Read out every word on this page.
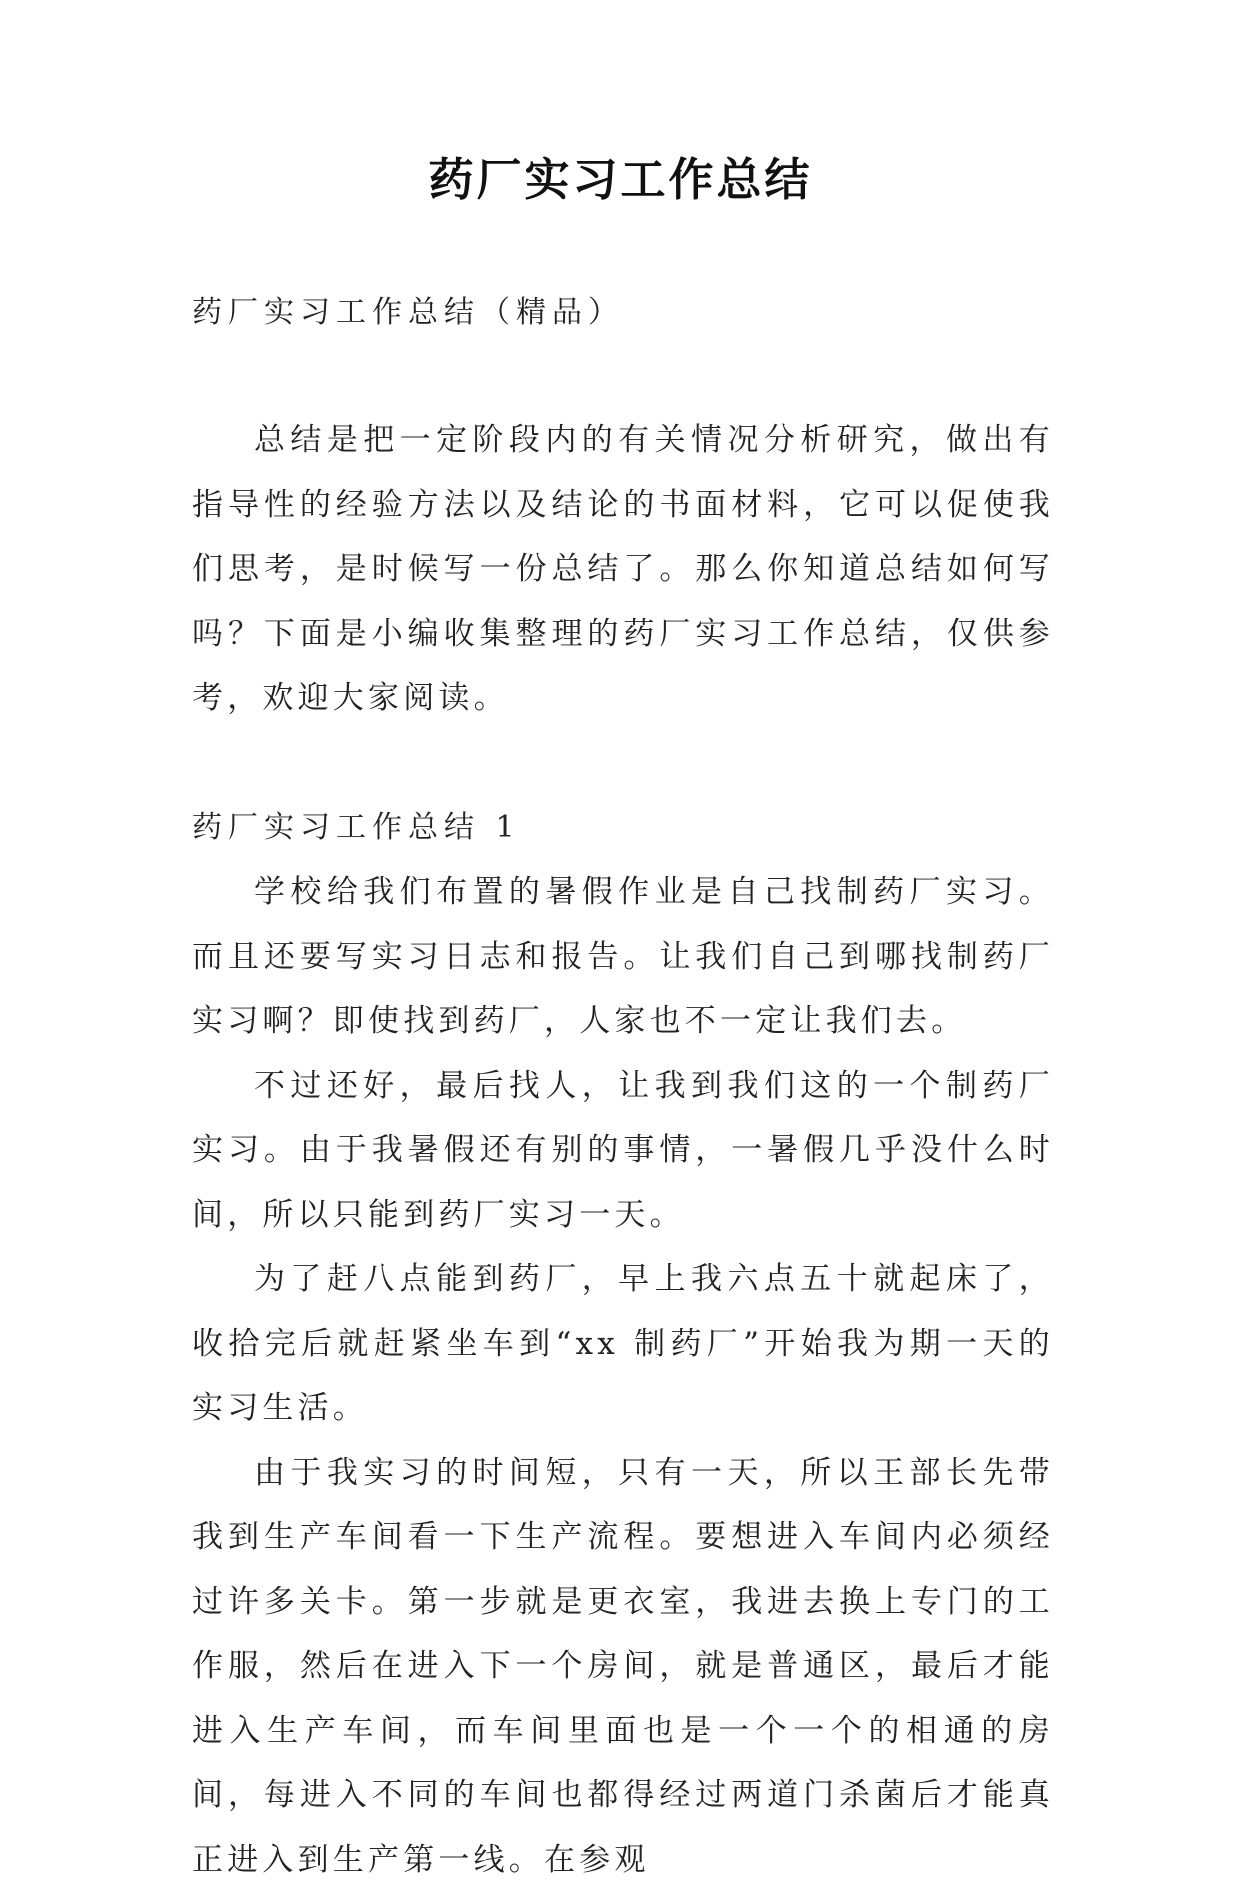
药厂实习工作总结
药厂实习工作总结（精品）

总结是把一定阶段内的有关情况分析研究，做出有指导性的经验方法以及结论的书面材料，它可以促使我们思考，是时候写一份总结了。那么你知道总结如何写吗？下面是小编收集整理的药厂实习工作总结，仅供参考，欢迎大家阅读。

药厂实习工作总结 1

学校给我们布置的暑假作业是自己找制药厂实习。而且还要写实习日志和报告。让我们自己到哪找制药厂实习啊？即使找到药厂，人家也不一定让我们去。

不过还好，最后找人，让我到我们这的一个制药厂实习。由于我暑假还有别的事情，一暑假几乎没什么时间，所以只能到药厂实习一天。

为了赶八点能到药厂，早上我六点五十就起床了，收拾完后就赶紧坐车到“xx 制药厂”开始我为期一天的实习生活。

由于我实习的时间短，只有一天，所以王部长先带我到生产车间看一下生产流程。要想进入车间内必须经过许多关卡。第一步就是更衣室，我进去换上专门的工作服，然后在进入下一个房间，就是普通区，最后才能进入生产车间，而车间里面也是一个一个的相通的房间，每进入不同的车间也都得经过两道门杀菌后才能真正进入到生产第一线。在参观
